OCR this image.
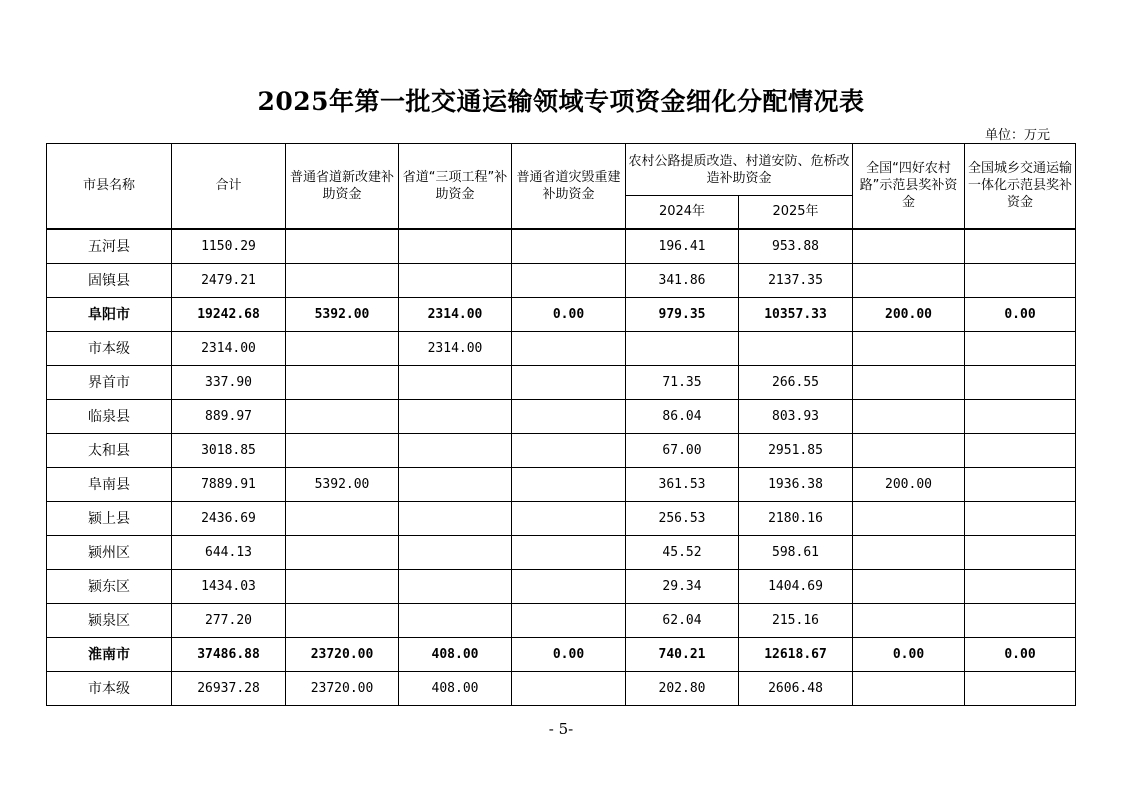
2025年第一批交通运输领域专项资金细化分配情况表
单位：万元
市县名称	合计	普通省道新改建补助资金	省道“三项工程”补助资金	普通省道灾毁重建补助资金	农村公路提质改造、村道安防、危桥改造补助资金		全国“四好农村路”示范县奖补资金	全国城乡交通运输一体化示范县奖补资金
					2024年	2025年		
五河县	1150.29				196.41	953.88		
固镇县	2479.21				341.86	2137.35		
阜阳市	19242.68	5392.00	2314.00	0.00	979.35	10357.33	200.00	0.00
市本级	2314.00		2314.00					
界首市	337.90				71.35	266.55		
临泉县	889.97				86.04	803.93		
太和县	3018.85				67.00	2951.85		
阜南县	7889.91	5392.00			361.53	1936.38	200.00	
颍上县	2436.69				256.53	2180.16		
颍州区	644.13				45.52	598.61		
颍东区	1434.03				29.34	1404.69		
颍泉区	277.20				62.04	215.16		
淮南市	37486.88	23720.00	408.00	0.00	740.21	12618.67	0.00	0.00
市本级	26937.28	23720.00	408.00		202.80	2606.48		
- 5-
